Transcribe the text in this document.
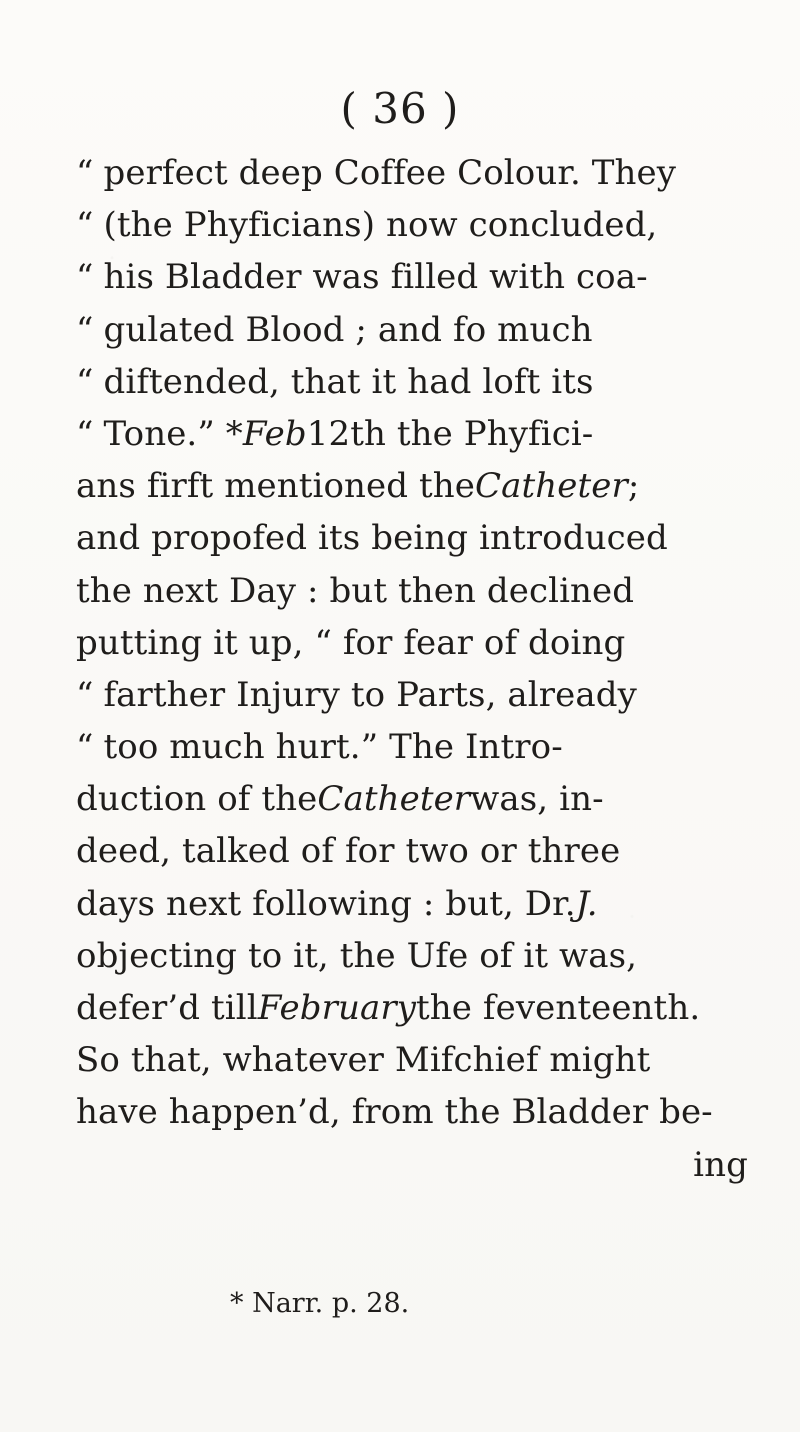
( 36 )
“ perfect deep Coffee Colour. They
“ (the Phyficians) now concluded,
“ his Bladder was filled with coa-
“ gulated Blood ; and fo much
“ diftended, that it had loft its
“ Tone.” * Feb 12th the Phyfici-
ans firft mentioned the Catheter ;
and propofed its being introduced
the next Day : but then declined
putting it up, “ for fear of doing
“ farther Injury to Parts, already
“ too much hurt.” The Intro-
duction of the Catheter was, in-
deed, talked of for two or three
days next following : but, Dr. J.
objecting to it, the Ufe of it was,
defer’d till February the feventeenth.
So that, whatever Mifchief might
have happen’d, from the Bladder be-
ing
* Narr. p. 28.
